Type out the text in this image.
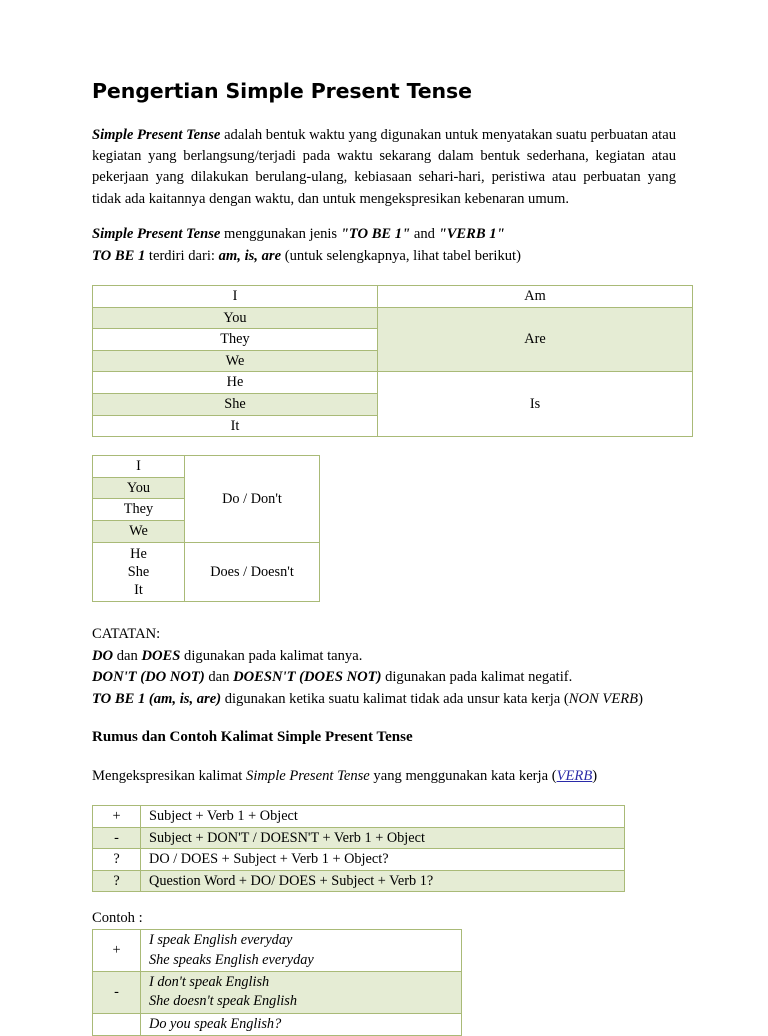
Pengertian Simple Present Tense

Simple Present Tense adalah bentuk waktu yang digunakan untuk menyatakan suatu perbuatan atau kegiatan yang berlangsung/terjadi pada waktu sekarang dalam bentuk sederhana, kegiatan atau pekerjaan yang dilakukan berulang-ulang, kebiasaan sehari-hari, peristiwa atau perbuatan yang tidak ada kaitannya dengan waktu, dan untuk mengekspresikan kebenaran umum.

Simple Present Tense menggunakan jenis "TO BE 1" and "VERB 1"

TO BE 1 terdiri dari: am, is, are (untuk selengkapnya, lihat tabel berikut)

I	Am
You	Are
They	
We	
He	Is
She	
It	
I	Do / Don't
You	
They	
We	

He
She
It	Does / Doesn't
CATATAN:
DO dan DOES digunakan pada kalimat tanya.
DON'T (DO NOT) dan DOESN'T (DOES NOT) digunakan pada kalimat negatif.
TO BE 1 (am, is, are) digunakan ketika suatu kalimat tidak ada unsur kata kerja (NON VERB)
Rumus dan Contoh Kalimat Simple Present Tense

Mengekspresikan kalimat Simple Present Tense yang menggunakan kata kerja (VERB)

+	Subject + Verb 1 + Object
-	Subject + DON'T / DOESN'T + Verb 1 + Object
?	DO / DOES + Subject + Verb 1 + Object?
?	Question Word + DO/ DOES + Subject + Verb 1?
Contoh :
+	I speak English everyday
She speaks English everyday

-	I don't speak English
She doesn't speak English

	Do you speak English?
